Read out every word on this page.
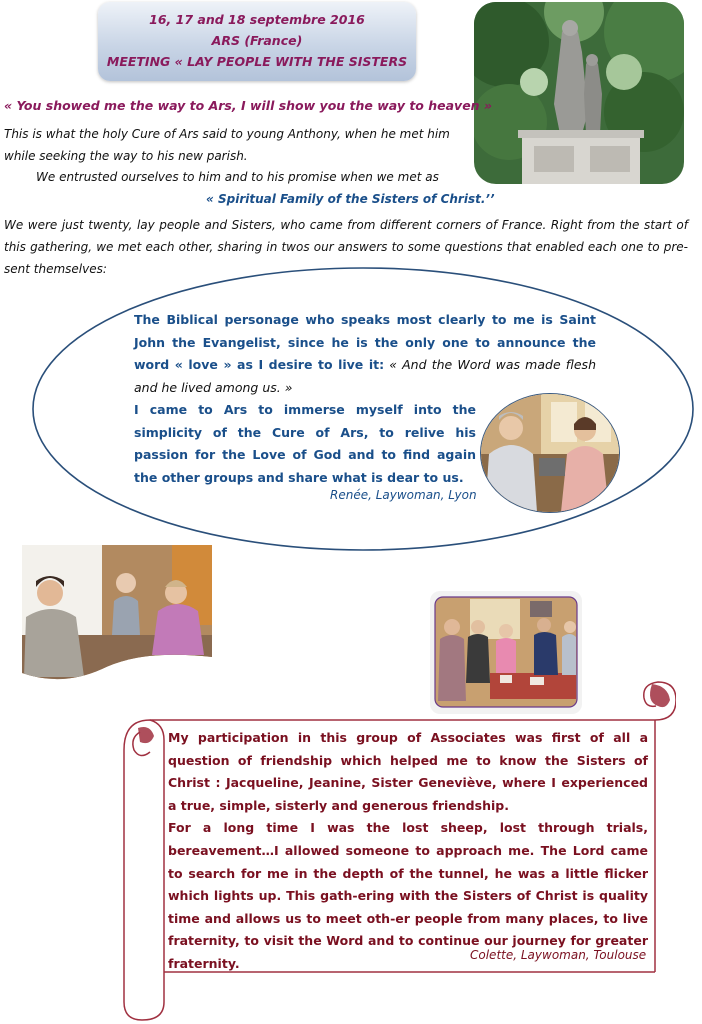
16, 17 and 18 septembre 2016
ARS (France)
MEETING « LAY PEOPLE WITH THE SISTERS
« You showed me the way to Ars, I will show you the way to heaven »
This is what the holy Cure of Ars said to young Anthony, when he met him while seeking the way to his new parish.
We entrusted ourselves to him and to his promise when we met as
« Spiritual Family of the Sisters of Christ.’’
We were just twenty, lay people and Sisters, who came from different corners of France. Right from the start of this gathering, we met each other, sharing in twos our answers to some questions that enabled each one to pre-sent themselves:
The Biblical personage who speaks most clearly to me is Saint John the Evangelist, since he is the only one to announce the word « love » as I desire to live it: « And the Word was made flesh and he lived among us. »
I came to Ars to immerse myself into the simplicity of the Cure of Ars, to relive his passion for the Love of God and to find again the other groups and share what is dear to us.
Renée, Laywoman, Lyon
My participation in this group of Associates was first of all a question of friendship which helped me to know the Sisters of Christ : Jacqueline, Jeanine, Sister Geneviève, where I experienced a true, simple, sisterly and generous friendship.
For a long time I was the lost sheep, lost through trials, bereavement…I allowed someone to approach me. The Lord came to search for me in the depth of the tunnel, he was a little flicker which lights up. This gath-ering with the Sisters of Christ is quality time and allows us to meet oth-er people from many places, to live fraternity, to visit the Word and to continue our journey for greater fraternity.
Colette, Laywoman, Toulouse
